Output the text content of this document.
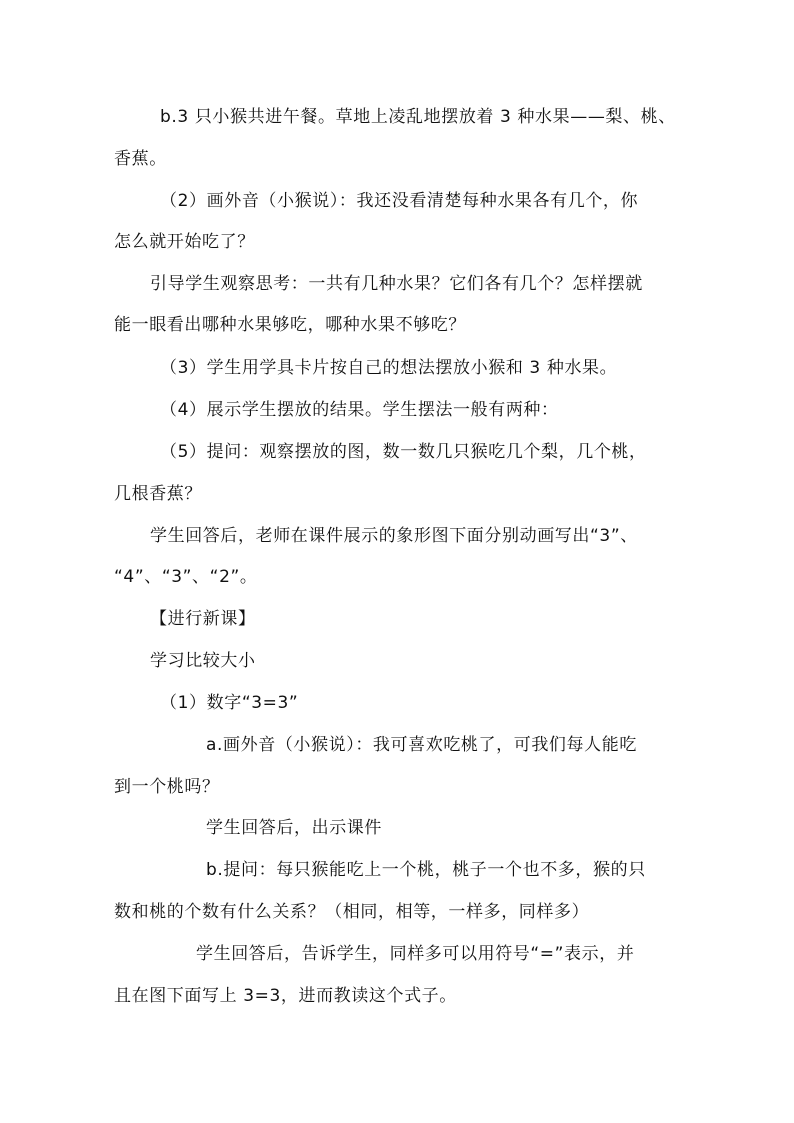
b.3 只小猴共进午餐。草地上凌乱地摆放着 3 种水果——梨、桃、
香蕉。
（2）画外音（小猴说）：我还没看清楚每种水果各有几个，你
怎么就开始吃了？
引导学生观察思考：一共有几种水果？它们各有几个？怎样摆就
能一眼看出哪种水果够吃，哪种水果不够吃？
（3）学生用学具卡片按自己的想法摆放小猴和 3 种水果。
（4）展示学生摆放的结果。学生摆法一般有两种：
（5）提问：观察摆放的图，数一数几只猴吃几个梨，几个桃，
几根香蕉？
学生回答后，老师在课件展示的象形图下面分别动画写出“3”、
“4”、“3”、“2”。
【进行新课】
学习比较大小
（1）数字“3=3”
a.画外音（小猴说）：我可喜欢吃桃了，可我们每人能吃
到一个桃吗？
学生回答后，出示课件
b.提问：每只猴能吃上一个桃，桃子一个也不多，猴的只
数和桃的个数有什么关系？（相同，相等，一样多，同样多）
学生回答后，告诉学生，同样多可以用符号“=”表示，并
且在图下面写上 3=3，进而教读这个式子。
